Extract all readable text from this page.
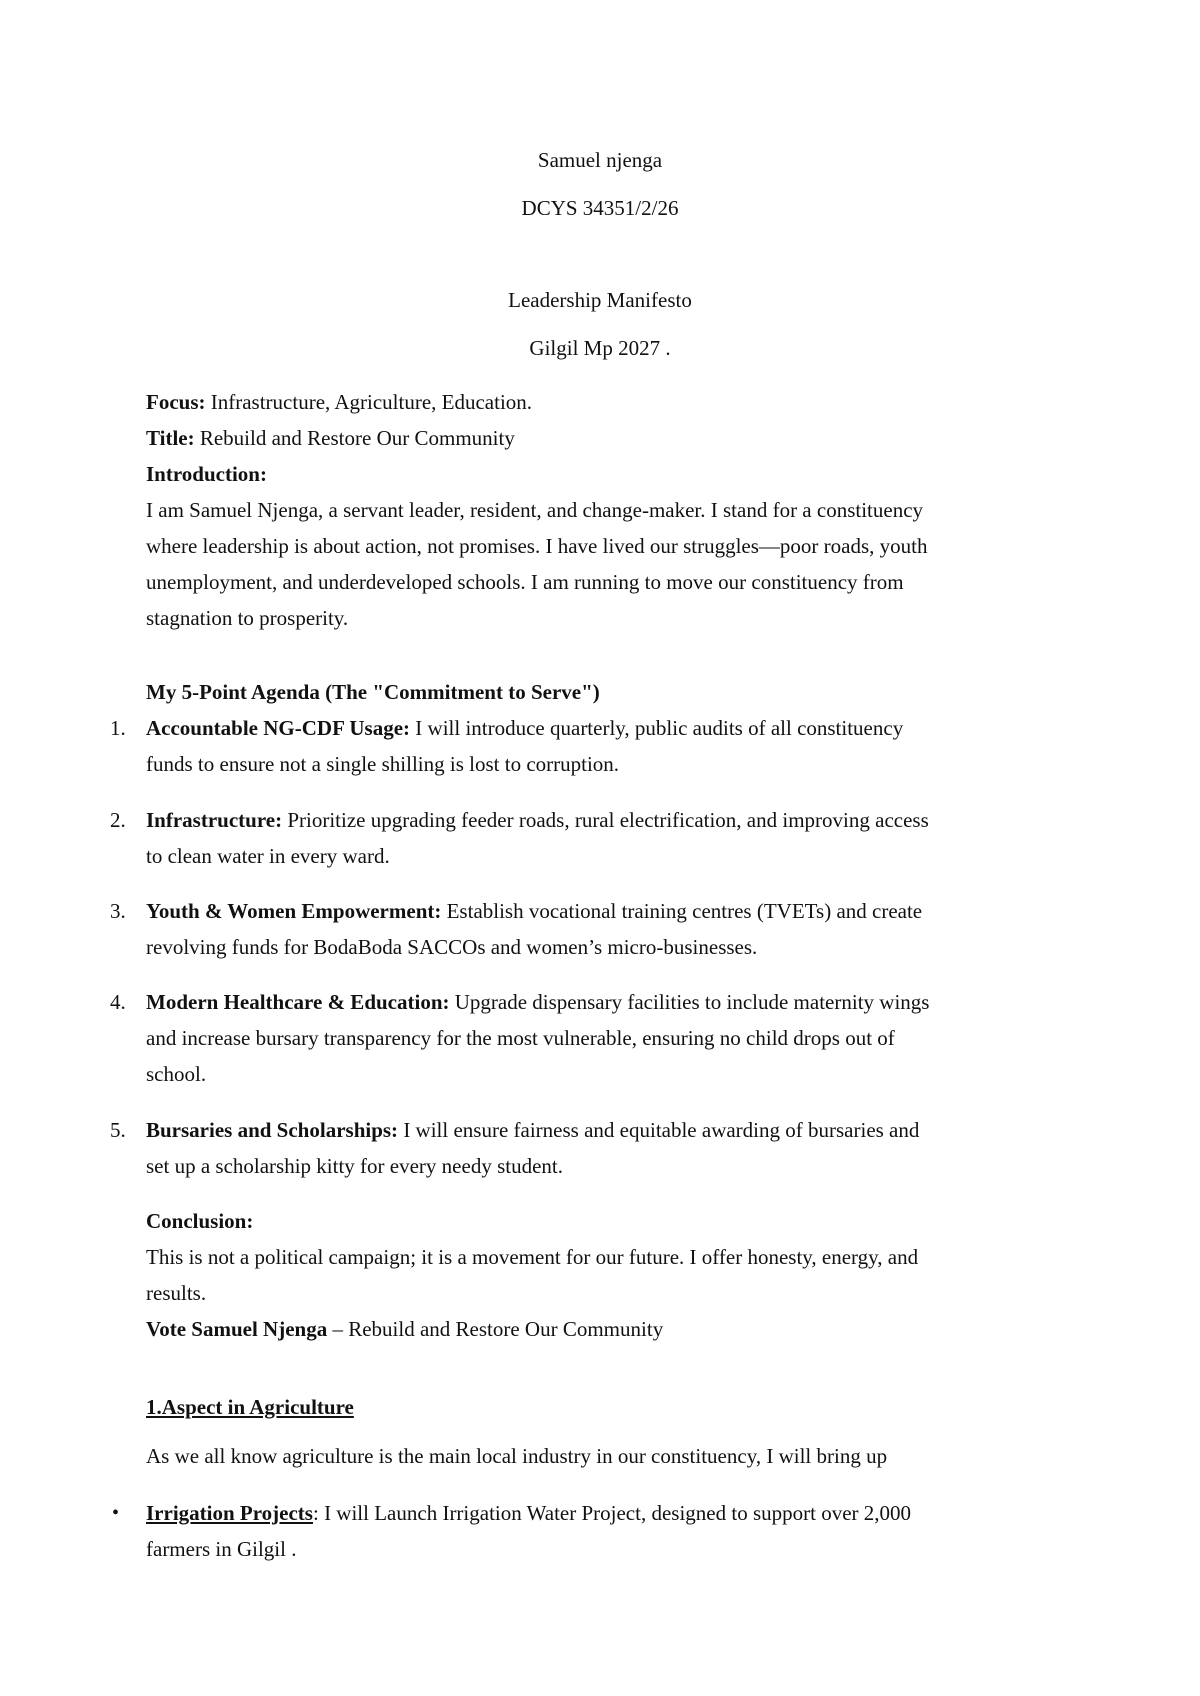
Samuel njenga
DCYS 34351/2/26
Leadership Manifesto
Gilgil Mp 2027 .
Focus: Infrastructure, Agriculture, Education.
Title: Rebuild and Restore Our Community
Introduction:
I am Samuel Njenga, a servant leader, resident, and change-maker. I stand for a constituency
where leadership is about action, not promises. I have lived our struggles—poor roads, youth
unemployment, and underdeveloped schools. I am running to move our constituency from
stagnation to prosperity.
My 5-Point Agenda (The "Commitment to Serve")
1. Accountable NG-CDF Usage: I will introduce quarterly, public audits of all constituency
funds to ensure not a single shilling is lost to corruption.
2. Infrastructure: Prioritize upgrading feeder roads, rural electrification, and improving access
to clean water in every ward.
3. Youth & Women Empowerment: Establish vocational training centres (TVETs) and create
revolving funds for BodaBoda SACCOs and women’s micro-businesses.
4. Modern Healthcare & Education: Upgrade dispensary facilities to include maternity wings
and increase bursary transparency for the most vulnerable, ensuring no child drops out of
school.
5. Bursaries and Scholarships: I will ensure fairness and equitable awarding of bursaries and
set up a scholarship kitty for every needy student.
Conclusion:
This is not a political campaign; it is a movement for our future. I offer honesty, energy, and
results.
Vote Samuel Njenga – Rebuild and Restore Our Community
1.Aspect in Agriculture
As we all know agriculture is the main local industry in our constituency, I will bring up
• Irrigation Projects: I will Launch Irrigation Water Project, designed to support over 2,000
farmers in Gilgil .
